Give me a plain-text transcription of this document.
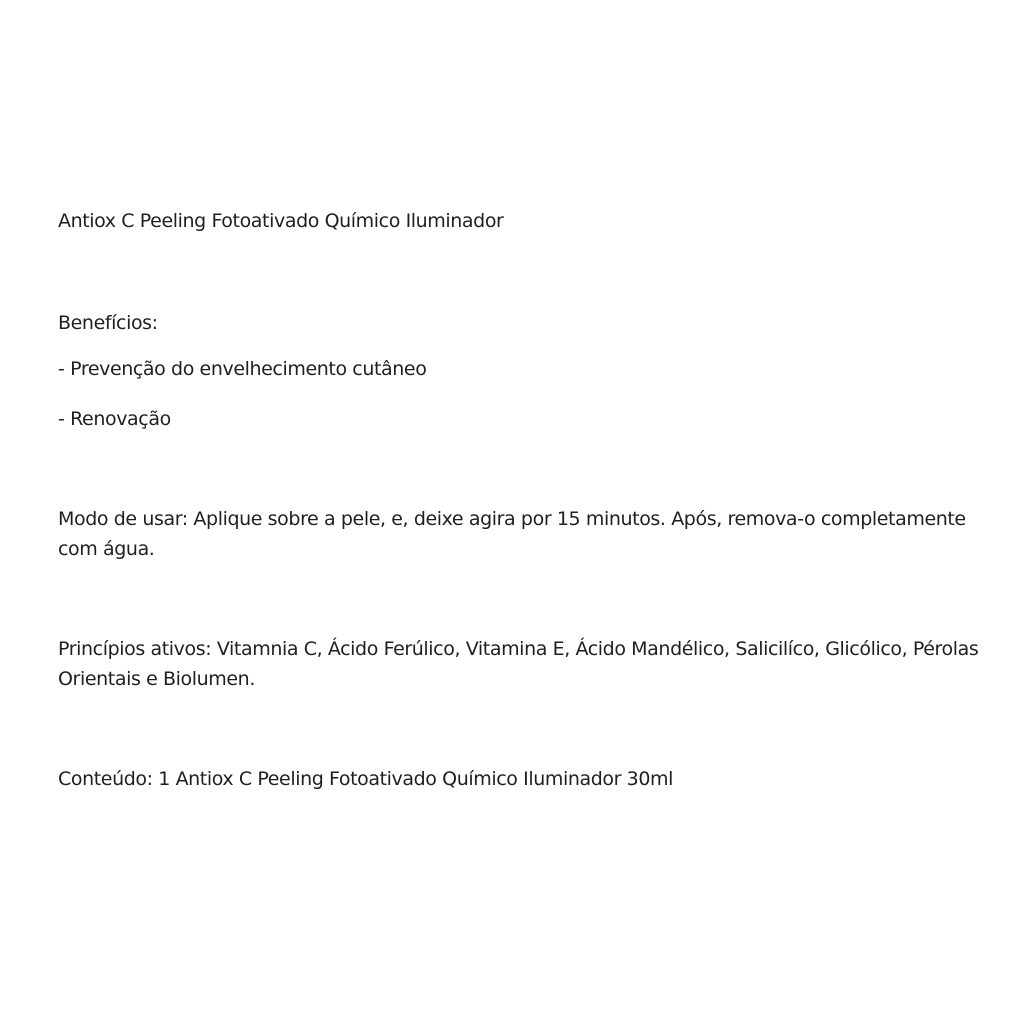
Antiox C Peeling Fotoativado Químico Iluminador

Benefícios:

- Prevenção do envelhecimento cutâneo

- Renovação

Modo de usar: Aplique sobre a pele, e, deixe agira por 15 minutos. Após, remova-o completamente com água.

Princípios ativos: Vitamnia C, Ácido Ferúlico, Vitamina E, Ácido Mandélico, Salicilíco, Glicólico, Pérolas Orientais e Biolumen.

Conteúdo: 1 Antiox C Peeling Fotoativado Químico Iluminador 30ml
